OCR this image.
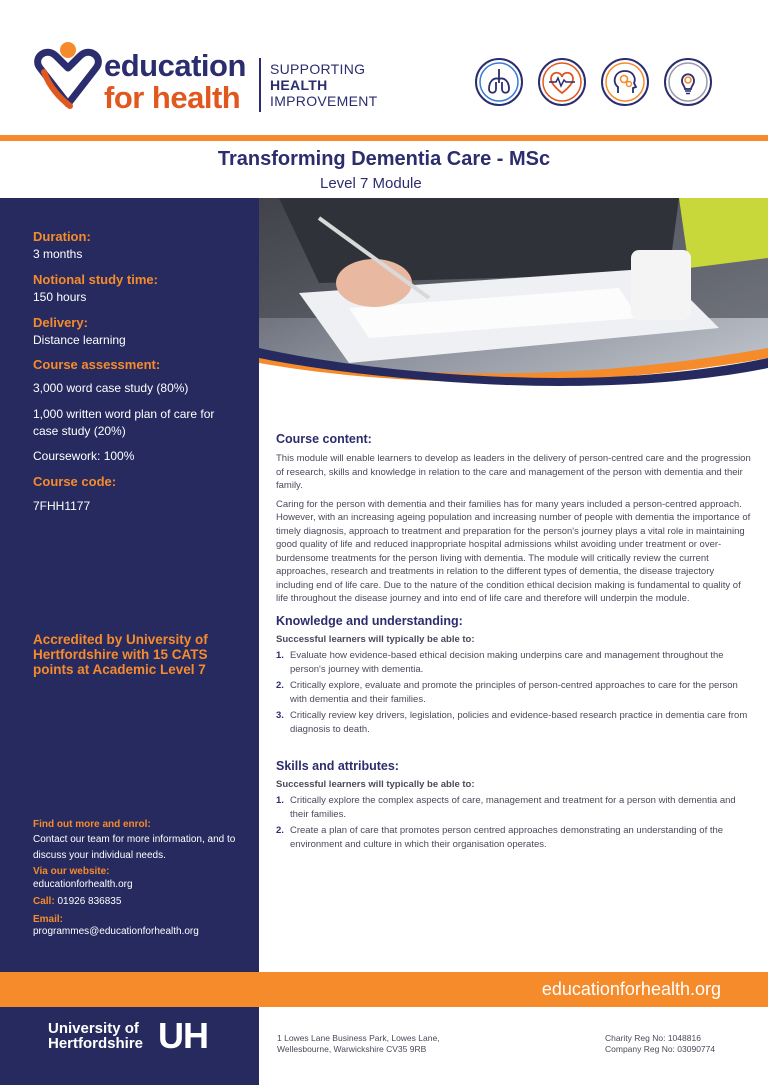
education
for health
SUPPORTING
HEALTH
IMPROVEMENT
Transforming Dementia Care - MSc
Level 7 Module
Duration:
3 months
Notional study time:
150 hours
Delivery:
Distance learning
Course assessment:
3,000 word case study (80%)
1,000 written word plan of care for case study (20%)
Coursework: 100%
Course code:
7FHH1177
Accredited by University of Hertfordshire with 15 CATS points at Academic Level 7
Find out more and enrol:
Contact our team for more information, and to discuss your individual needs.
Via our website:
educationforhealth.org
Call: 01926 836835
Email:
programmes@educationforhealth.org
Course content:
This module will enable learners to develop as leaders in the delivery of person-centred care and the progression of research, skills and knowledge in relation to the care and management of the person with dementia and their family.
Caring for the person with dementia and their families has for many years included a person-centred approach. However, with an increasing ageing population and increasing number of people with dementia the importance of timely diagnosis, approach to treatment and preparation for the person's journey plays a vital role in maintaining good quality of life and reduced inappropriate hospital admissions whilst avoiding under treatment or over-burdensome treatments for the person living with dementia. The module will critically review the current approaches, research and treatments in relation to the different types of dementia, the disease trajectory including end of life care. Due to the nature of the condition ethical decision making is fundamental to quality of life throughout the disease journey and into end of life care and therefore will underpin the module.
Knowledge and understanding:
Successful learners will typically be able to:
1. Evaluate how evidence-based ethical decision making underpins care and management throughout the person's journey with dementia.
2. Critically explore, evaluate and promote the principles of person-centred approaches to care for the person with dementia and their families.
3. Critically review key drivers, legislation, policies and evidence-based research practice in dementia care from diagnosis to death.
Skills and attributes:
Successful learners will typically be able to:
1. Critically explore the complex aspects of care, management and treatment for a person with dementia and their families.
2. Create a plan of care that promotes person centred approaches demonstrating an understanding of the environment and culture in which their organisation operates.
educationforhealth.org
University of
Hertfordshire UH	1 Lowes Lane Business Park, Lowes Lane,
Wellesbourne, Warwickshire CV35 9RB
Charity Reg No: 1048816
Company Reg No: 03090774
